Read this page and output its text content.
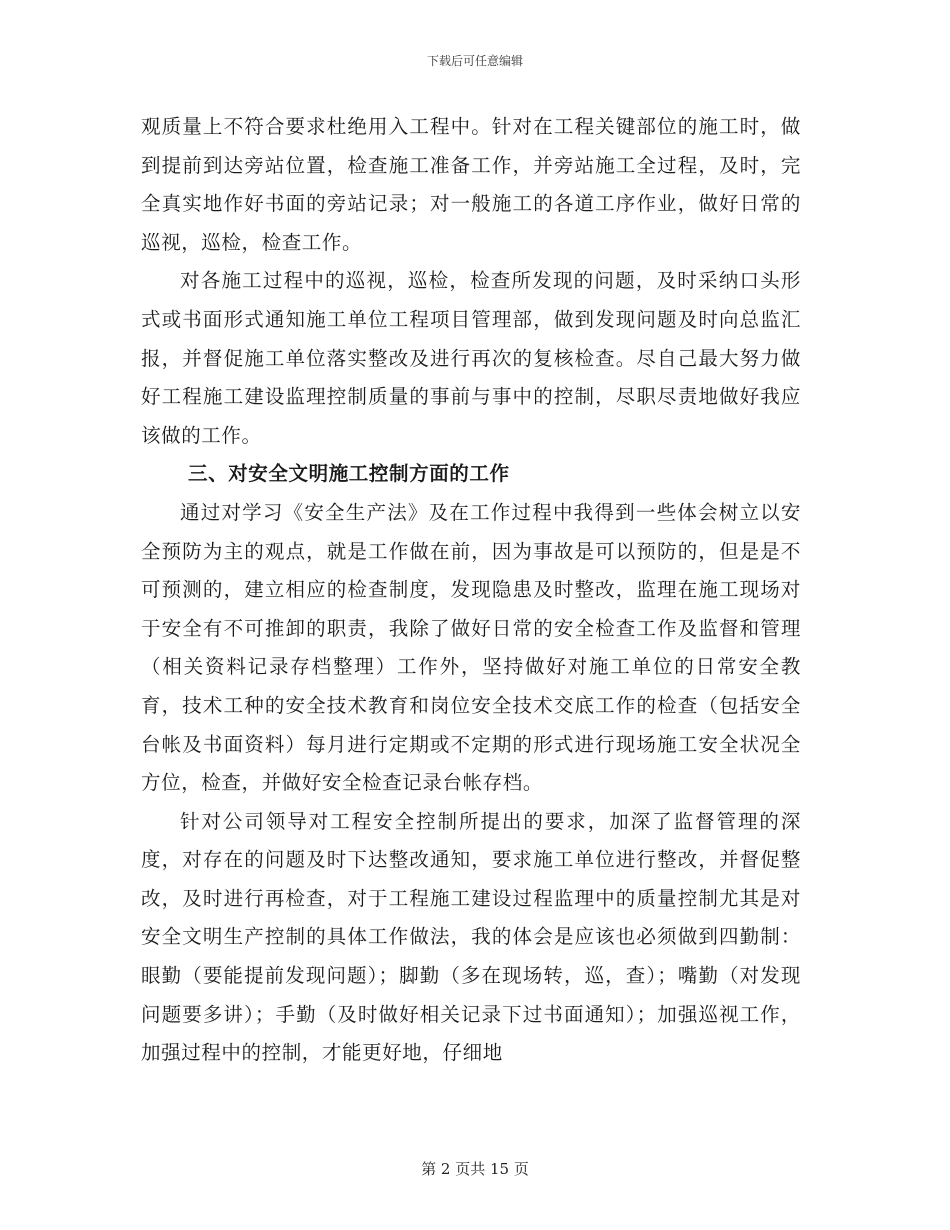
下载后可任意编辑

观质量上不符合要求杜绝用入工程中。针对在工程关键部位的施工时，做到提前到达旁站位置，检查施工准备工作，并旁站施工全过程，及时，完全真实地作好书面的旁站记录；对一般施工的各道工序作业，做好日常的巡视，巡检，检查工作。

对各施工过程中的巡视，巡检，检查所发现的问题，及时采纳口头形式或书面形式通知施工单位工程项目管理部，做到发现问题及时向总监汇报，并督促施工单位落实整改及进行再次的复核检查。尽自己最大努力做好工程施工建设监理控制质量的事前与事中的控制，尽职尽责地做好我应该做的工作。

三、对安全文明施工控制方面的工作

通过对学习《安全生产法》及在工作过程中我得到一些体会树立以安全预防为主的观点，就是工作做在前，因为事故是可以预防的，但是是不可预测的，建立相应的检查制度，发现隐患及时整改，监理在施工现场对于安全有不可推卸的职责，我除了做好日常的安全检查工作及监督和管理（相关资料记录存档整理）工作外，坚持做好对施工单位的日常安全教育，技术工种的安全技术教育和岗位安全技术交底工作的检查（包括安全台帐及书面资料）每月进行定期或不定期的形式进行现场施工安全状况全方位，检查，并做好安全检查记录台帐存档。

针对公司领导对工程安全控制所提出的要求，加深了监督管理的深度，对存在的问题及时下达整改通知，要求施工单位进行整改，并督促整改，及时进行再检查，对于工程施工建设过程监理中的质量控制尤其是对安全文明生产控制的具体工作做法，我的体会是应该也必须做到四勤制：眼勤（要能提前发现问题）；脚勤（多在现场转，巡，查）；嘴勤（对发现问题要多讲）；手勤（及时做好相关记录下过书面通知）；加强巡视工作，加强过程中的控制，才能更好地，仔细地

第 2 页共 15 页
